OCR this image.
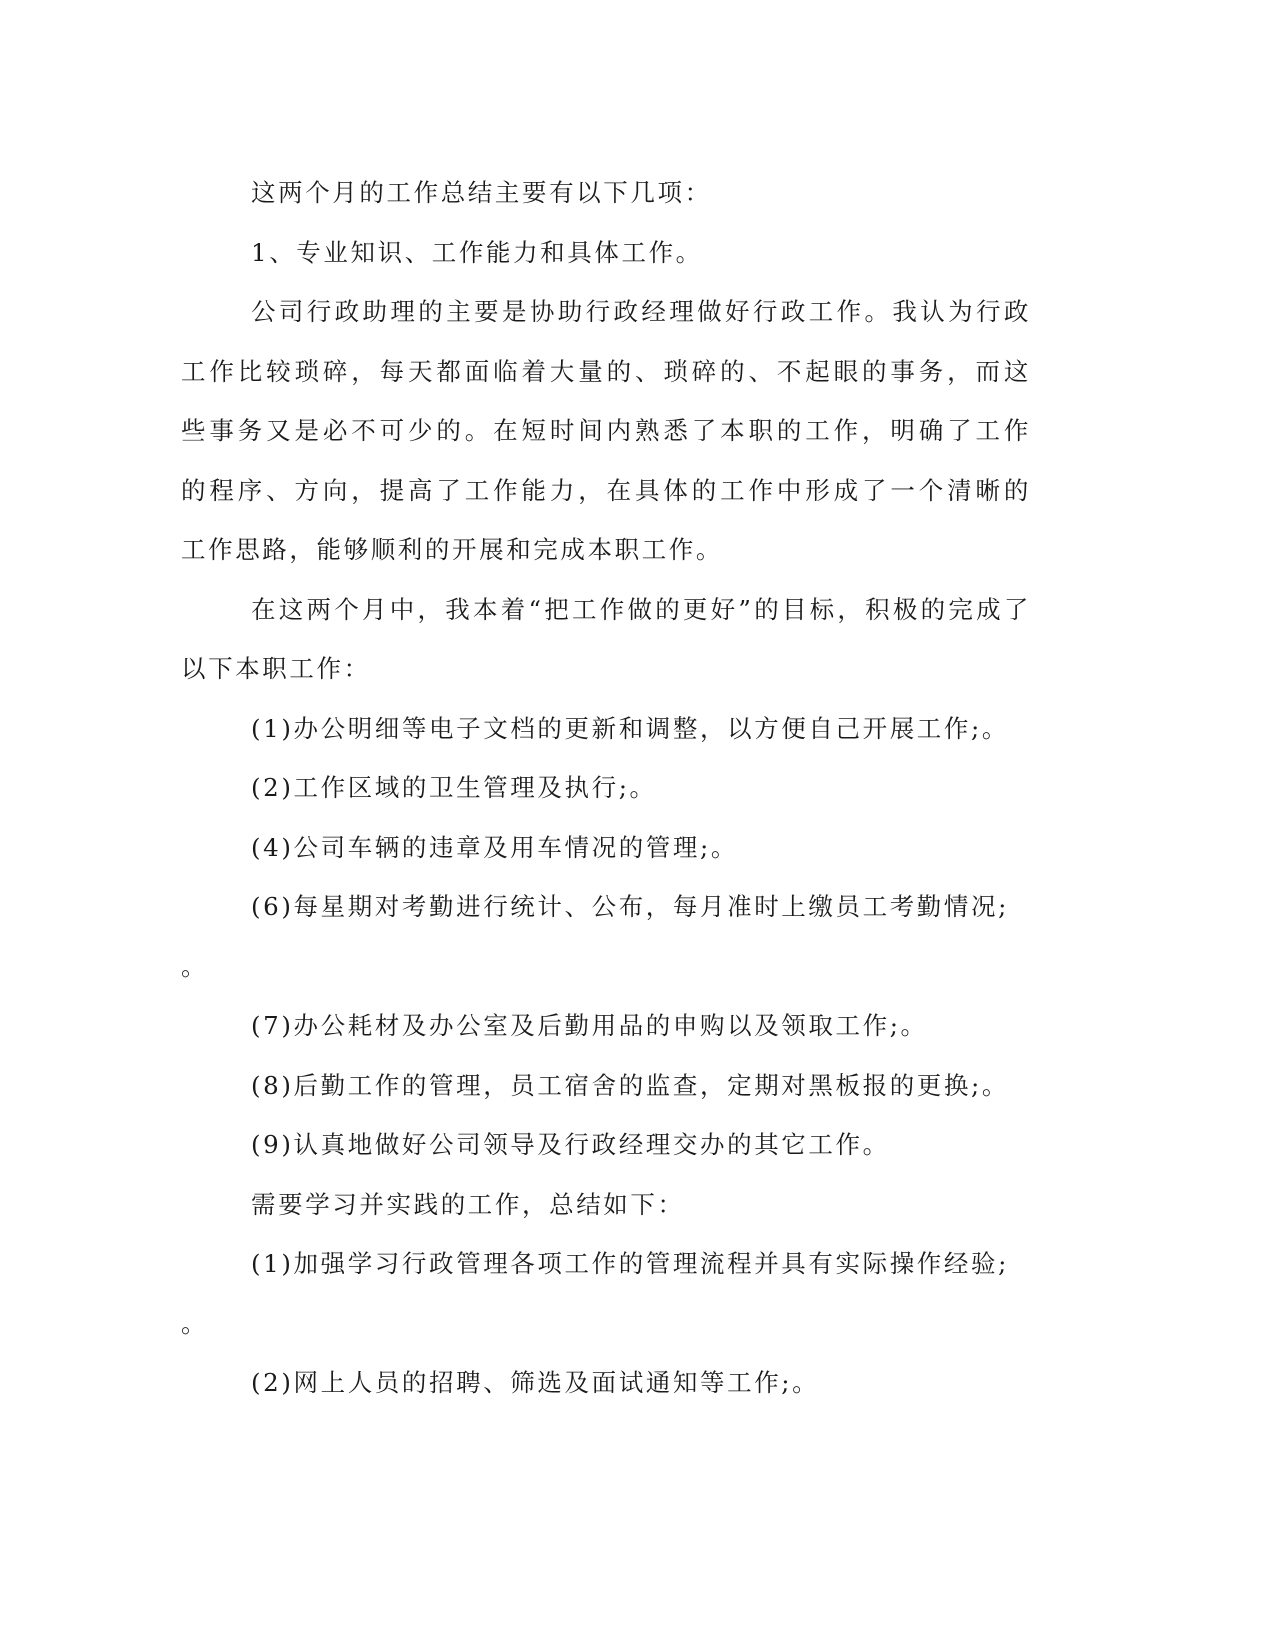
这两个月的工作总结主要有以下几项：
1、专业知识、工作能力和具体工作。
公司行政助理的主要是协助行政经理做好行政工作。我认为行政
工作比较琐碎，每天都面临着大量的、琐碎的、不起眼的事务，而这
些事务又是必不可少的。在短时间内熟悉了本职的工作，明确了工作
的程序、方向，提高了工作能力，在具体的工作中形成了一个清晰的
工作思路，能够顺利的开展和完成本职工作。
在这两个月中，我本着“把工作做的更好”的目标，积极的完成了
以下本职工作：
(1)办公明细等电子文档的更新和调整，以方便自己开展工作;。
(2)工作区域的卫生管理及执行;。
(4)公司车辆的违章及用车情况的管理;。
(6)每星期对考勤进行统计、公布，每月准时上缴员工考勤情况;
。
(7)办公耗材及办公室及后勤用品的申购以及领取工作;。
(8)后勤工作的管理，员工宿舍的监查，定期对黑板报的更换;。
(9)认真地做好公司领导及行政经理交办的其它工作。
需要学习并实践的工作，总结如下：
(1)加强学习行政管理各项工作的管理流程并具有实际操作经验;
。
(2)网上人员的招聘、筛选及面试通知等工作;。
